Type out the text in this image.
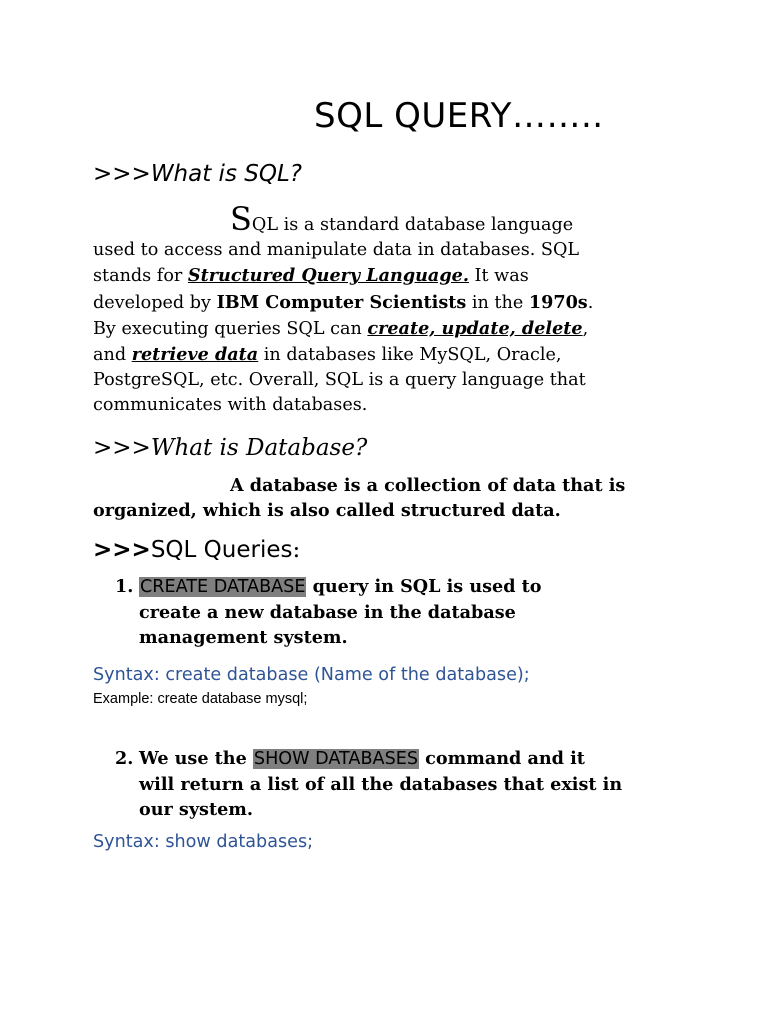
SQL QUERY……..
>>>What is SQL?
SQL is a standard database language
used to access and manipulate data in databases. SQL
stands for Structured Query Language. It was
developed by IBM Computer Scientists in the 1970s.
By executing queries SQL can create, update, delete,
and retrieve data in databases like MySQL, Oracle,
PostgreSQL, etc. Overall, SQL is a query language that
communicates with databases.
>>>What is Database?
A database is a collection of data that is
organized, which is also called structured data.
>>>SQL Queries:
1. CREATE DATABASE query in SQL is used to
create a new database in the database
management system.
Syntax: create database (Name of the database);
Example: create database mysql;
2. We use the SHOW DATABASES command and it
will return a list of all the databases that exist in
our system.
Syntax: show databases;
